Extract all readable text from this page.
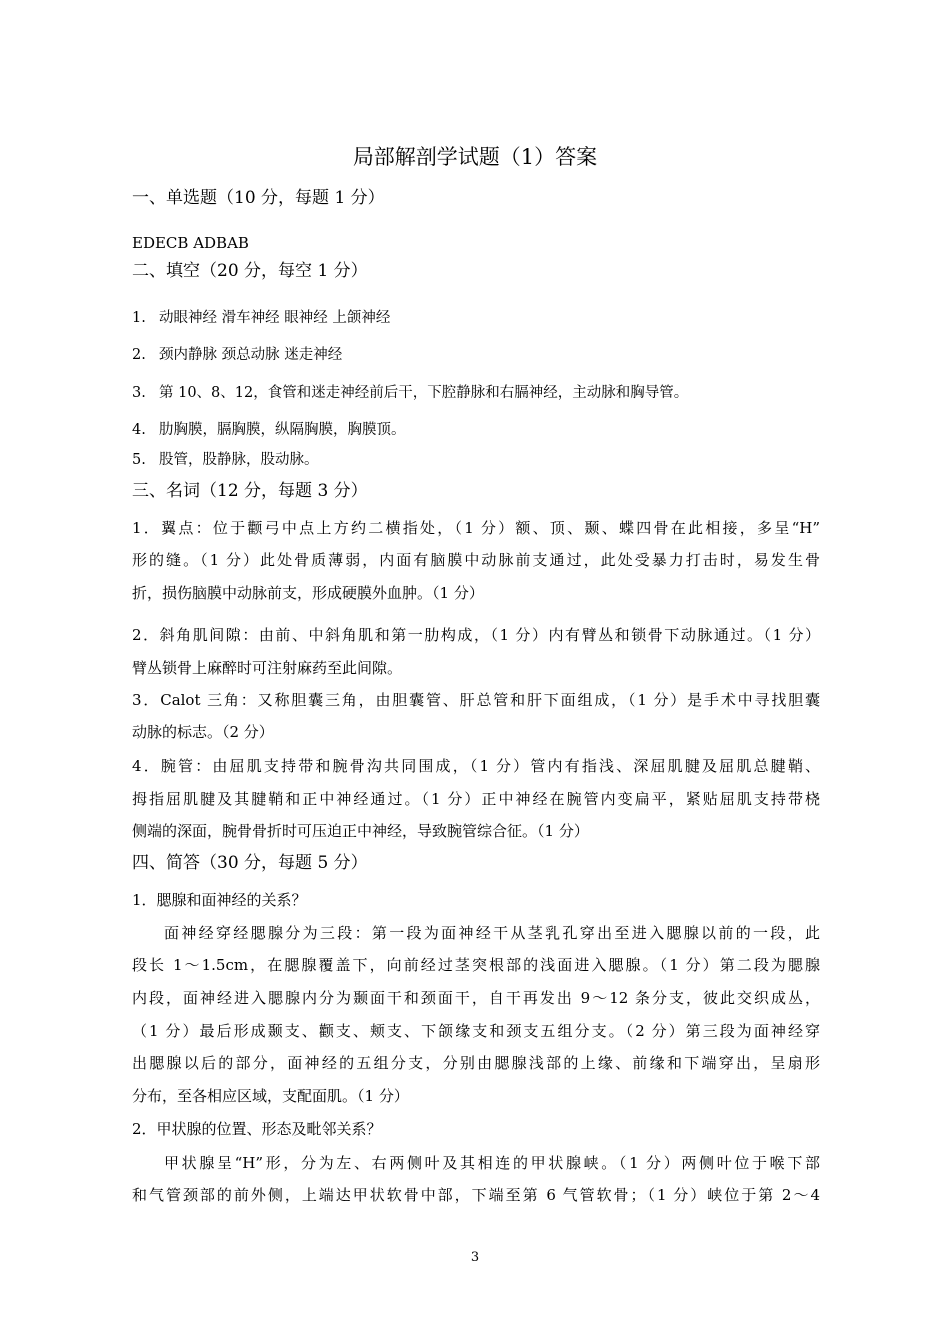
局部解剖学试题（1）答案
一、单选题（10 分，每题 1 分）
EDECB ADBAB
二、填空（20 分，每空 1 分）
1. 动眼神经 滑车神经 眼神经 上颌神经
2. 颈内静脉 颈总动脉 迷走神经
3. 第 10、8、12，食管和迷走神经前后干，下腔静脉和右膈神经，主动脉和胸导管。
4. 肋胸膜，膈胸膜，纵隔胸膜，胸膜顶。
5. 股管，股静脉，股动脉。
三、名词（12 分，每题 3 分）
1．翼点：位于颧弓中点上方约二横指处，（1 分）额、顶、颞、蝶四骨在此相接，多呈“H”
形的缝。（1 分）此处骨质薄弱，内面有脑膜中动脉前支通过，此处受暴力打击时，易发生骨
折，损伤脑膜中动脉前支，形成硬膜外血肿。（1 分）
2．斜角肌间隙：由前、中斜角肌和第一肋构成，（1 分）内有臂丛和锁骨下动脉通过。（1 分）
臂丛锁骨上麻醉时可注射麻药至此间隙。
3．Calot 三角：又称胆囊三角，由胆囊管、肝总管和肝下面组成，（1 分）是手术中寻找胆囊
动脉的标志。（2 分）
4．腕管：由屈肌支持带和腕骨沟共同围成，（1 分）管内有指浅、深屈肌腱及屈肌总腱鞘、
拇指屈肌腱及其腱鞘和正中神经通过。（1 分）正中神经在腕管内变扁平，紧贴屈肌支持带桡
侧端的深面，腕骨骨折时可压迫正中神经，导致腕管综合征。（1 分）
四、简答（30 分，每题 5 分）
1．腮腺和面神经的关系？
面神经穿经腮腺分为三段：第一段为面神经干从茎乳孔穿出至进入腮腺以前的一段，此
段长 1～1.5cm，在腮腺覆盖下，向前经过茎突根部的浅面进入腮腺。（1 分）第二段为腮腺
内段，面神经进入腮腺内分为颞面干和颈面干，自干再发出 9～12 条分支，彼此交织成丛，
（1 分）最后形成颞支、颧支、颊支、下颌缘支和颈支五组分支。（2 分）第三段为面神经穿
出腮腺以后的部分，面神经的五组分支，分别由腮腺浅部的上缘、前缘和下端穿出，呈扇形
分布，至各相应区域，支配面肌。（1 分）
2．甲状腺的位置、形态及毗邻关系？
甲状腺呈“H”形，分为左、右两侧叶及其相连的甲状腺峡。（1 分）两侧叶位于喉下部
和气管颈部的前外侧，上端达甲状软骨中部，下端至第 6 气管软骨；（1 分）峡位于第 2～4
3
